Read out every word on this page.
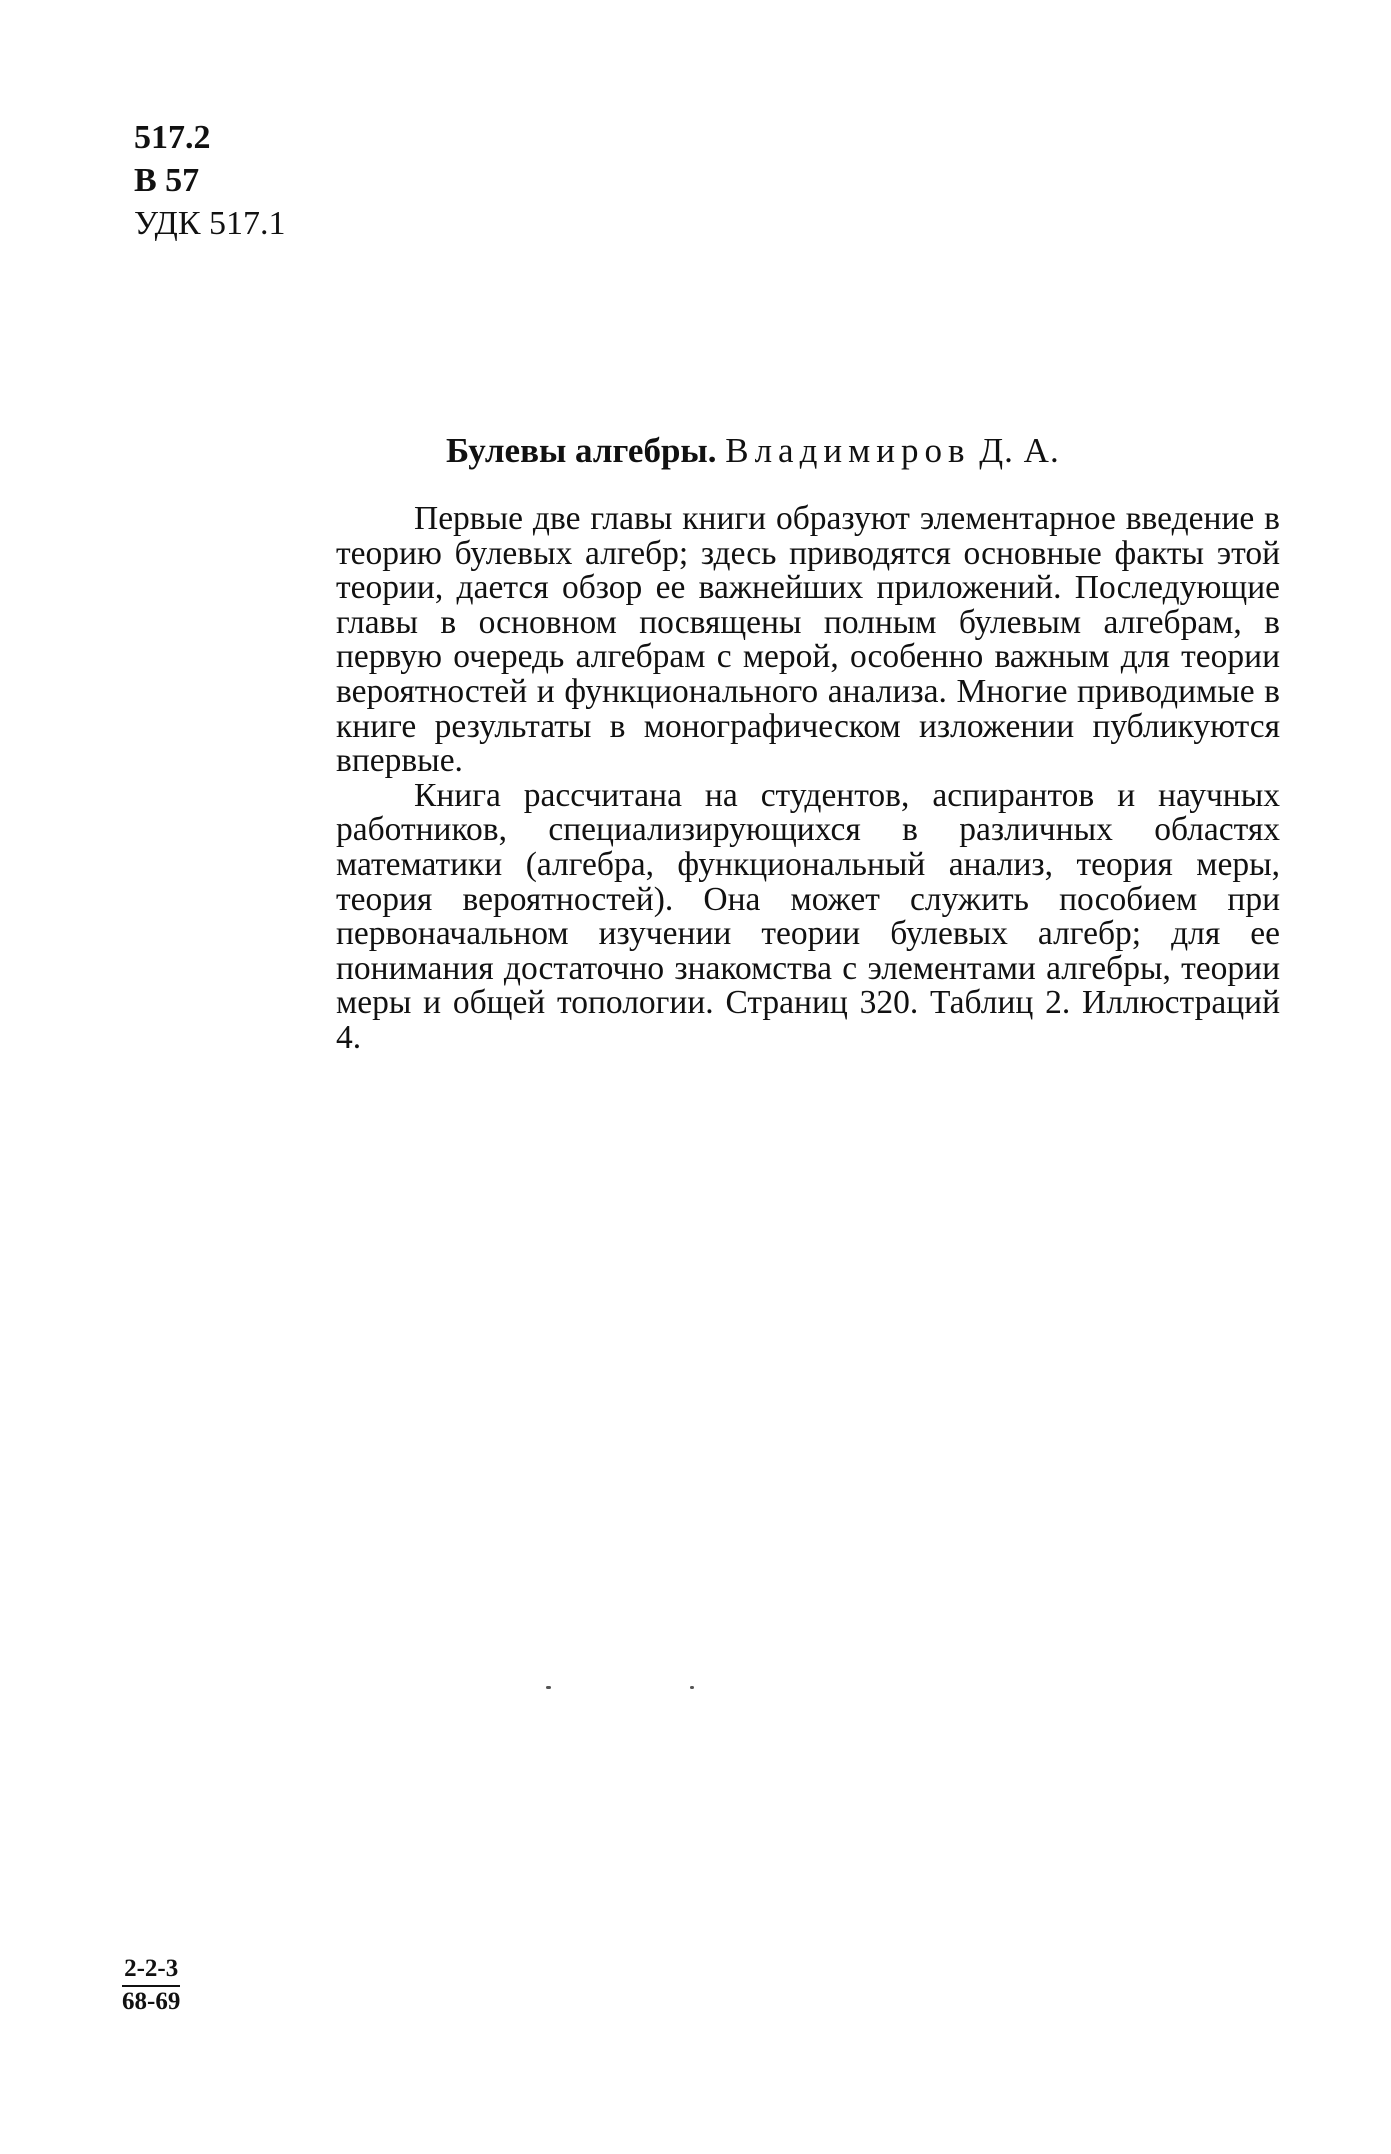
517.2
В 57
УДК 517.1
Булевы алгебры. Владимиров Д. А.

Первые две главы книги образуют элементарное введение в теорию булевых алгебр; здесь приводятся основные факты этой теории, дается обзор ее важнейших приложений. Последующие главы в основном посвящены полным булевым алгебрам, в первую очередь алгебрам с мерой, особенно важным для теории вероятностей и функционального анализа. Многие приводимые в книге результаты в монографическом изложении публикуются впервые.

Книга рассчитана на студентов, аспирантов и научных работников, специализирующихся в различных областях математики (алгебра, функциональный анализ, теория меры, теория вероятностей). Она может служить пособием при первоначальном изучении теории булевых алгебр; для ее понимания достаточно знакомства с элементами алгебры, теории меры и общей топологии. Страниц 320. Таблиц 2. Иллюстраций 4.

$\frac{2-2-3}{68-69}$
